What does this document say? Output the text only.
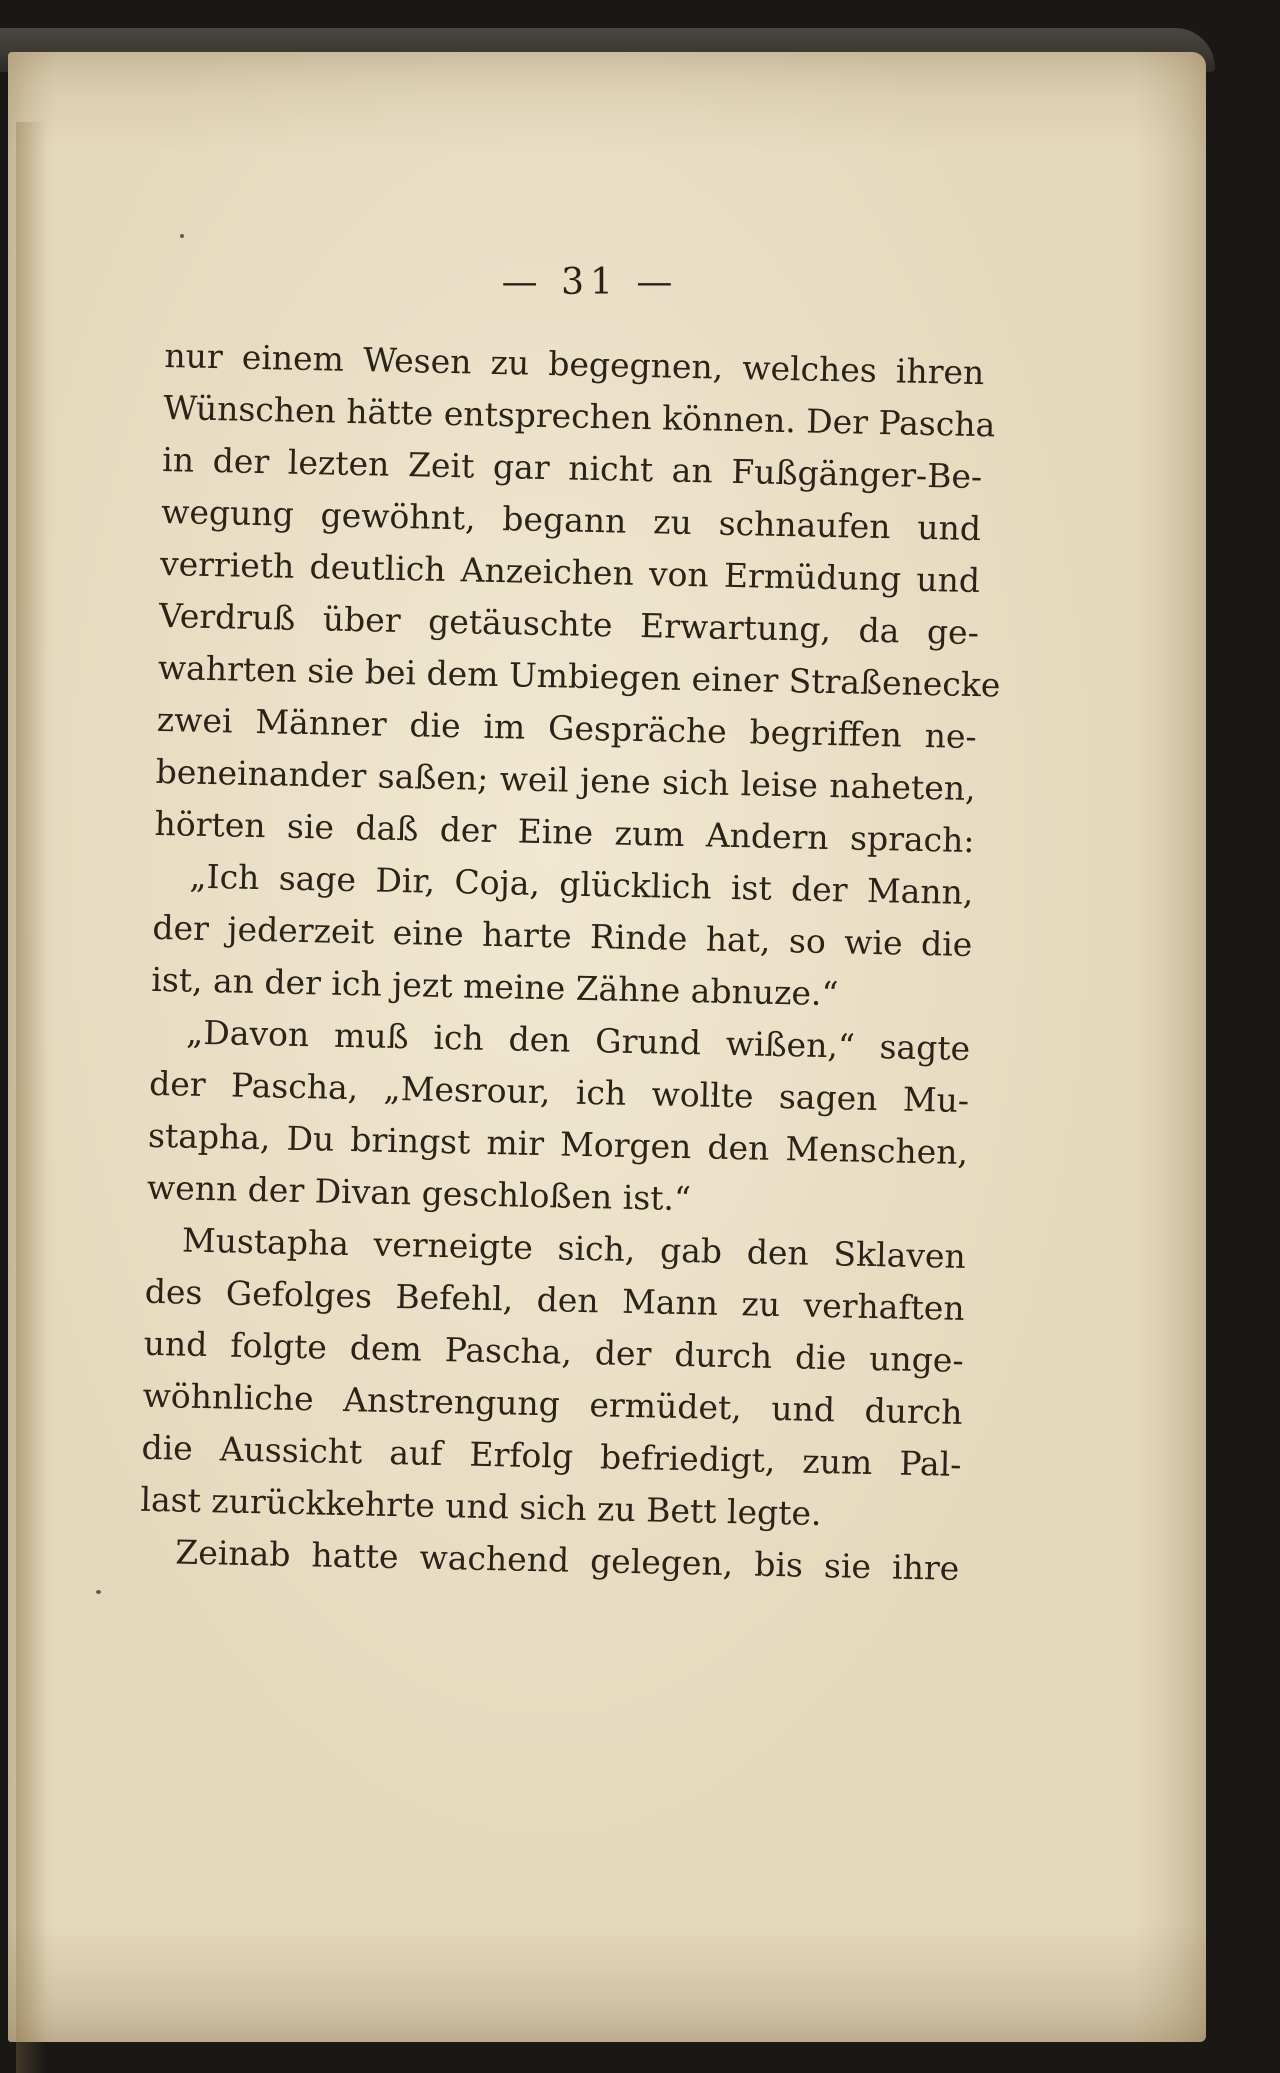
— 31 —
nur einem Wesen zu begegnen, welches ihren
Wünschen hätte entsprechen können. Der Pascha
in der lezten Zeit gar nicht an Fußgänger-Be-
wegung gewöhnt, begann zu schnaufen und
verrieth deutlich Anzeichen von Ermüdung und
Verdruß über getäuschte Erwartung, da ge-
wahrten sie bei dem Umbiegen einer Straßenecke
zwei Männer die im Gespräche begriffen ne-
beneinander saßen; weil jene sich leise naheten,
hörten sie daß der Eine zum Andern sprach:
„Ich sage Dir, Coja, glücklich ist der Mann,
der jederzeit eine harte Rinde hat, so wie die
ist, an der ich jezt meine Zähne abnuze.“
„Davon muß ich den Grund wißen,“ sagte
der Pascha, „Mesrour, ich wollte sagen Mu-
stapha, Du bringst mir Morgen den Menschen,
wenn der Divan geschloßen ist.“
Mustapha verneigte sich, gab den Sklaven
des Gefolges Befehl, den Mann zu verhaften
und folgte dem Pascha, der durch die unge-
wöhnliche Anstrengung ermüdet, und durch
die Aussicht auf Erfolg befriedigt, zum Pal-
last zurückkehrte und sich zu Bett legte.
Zeinab hatte wachend gelegen, bis sie ihre
